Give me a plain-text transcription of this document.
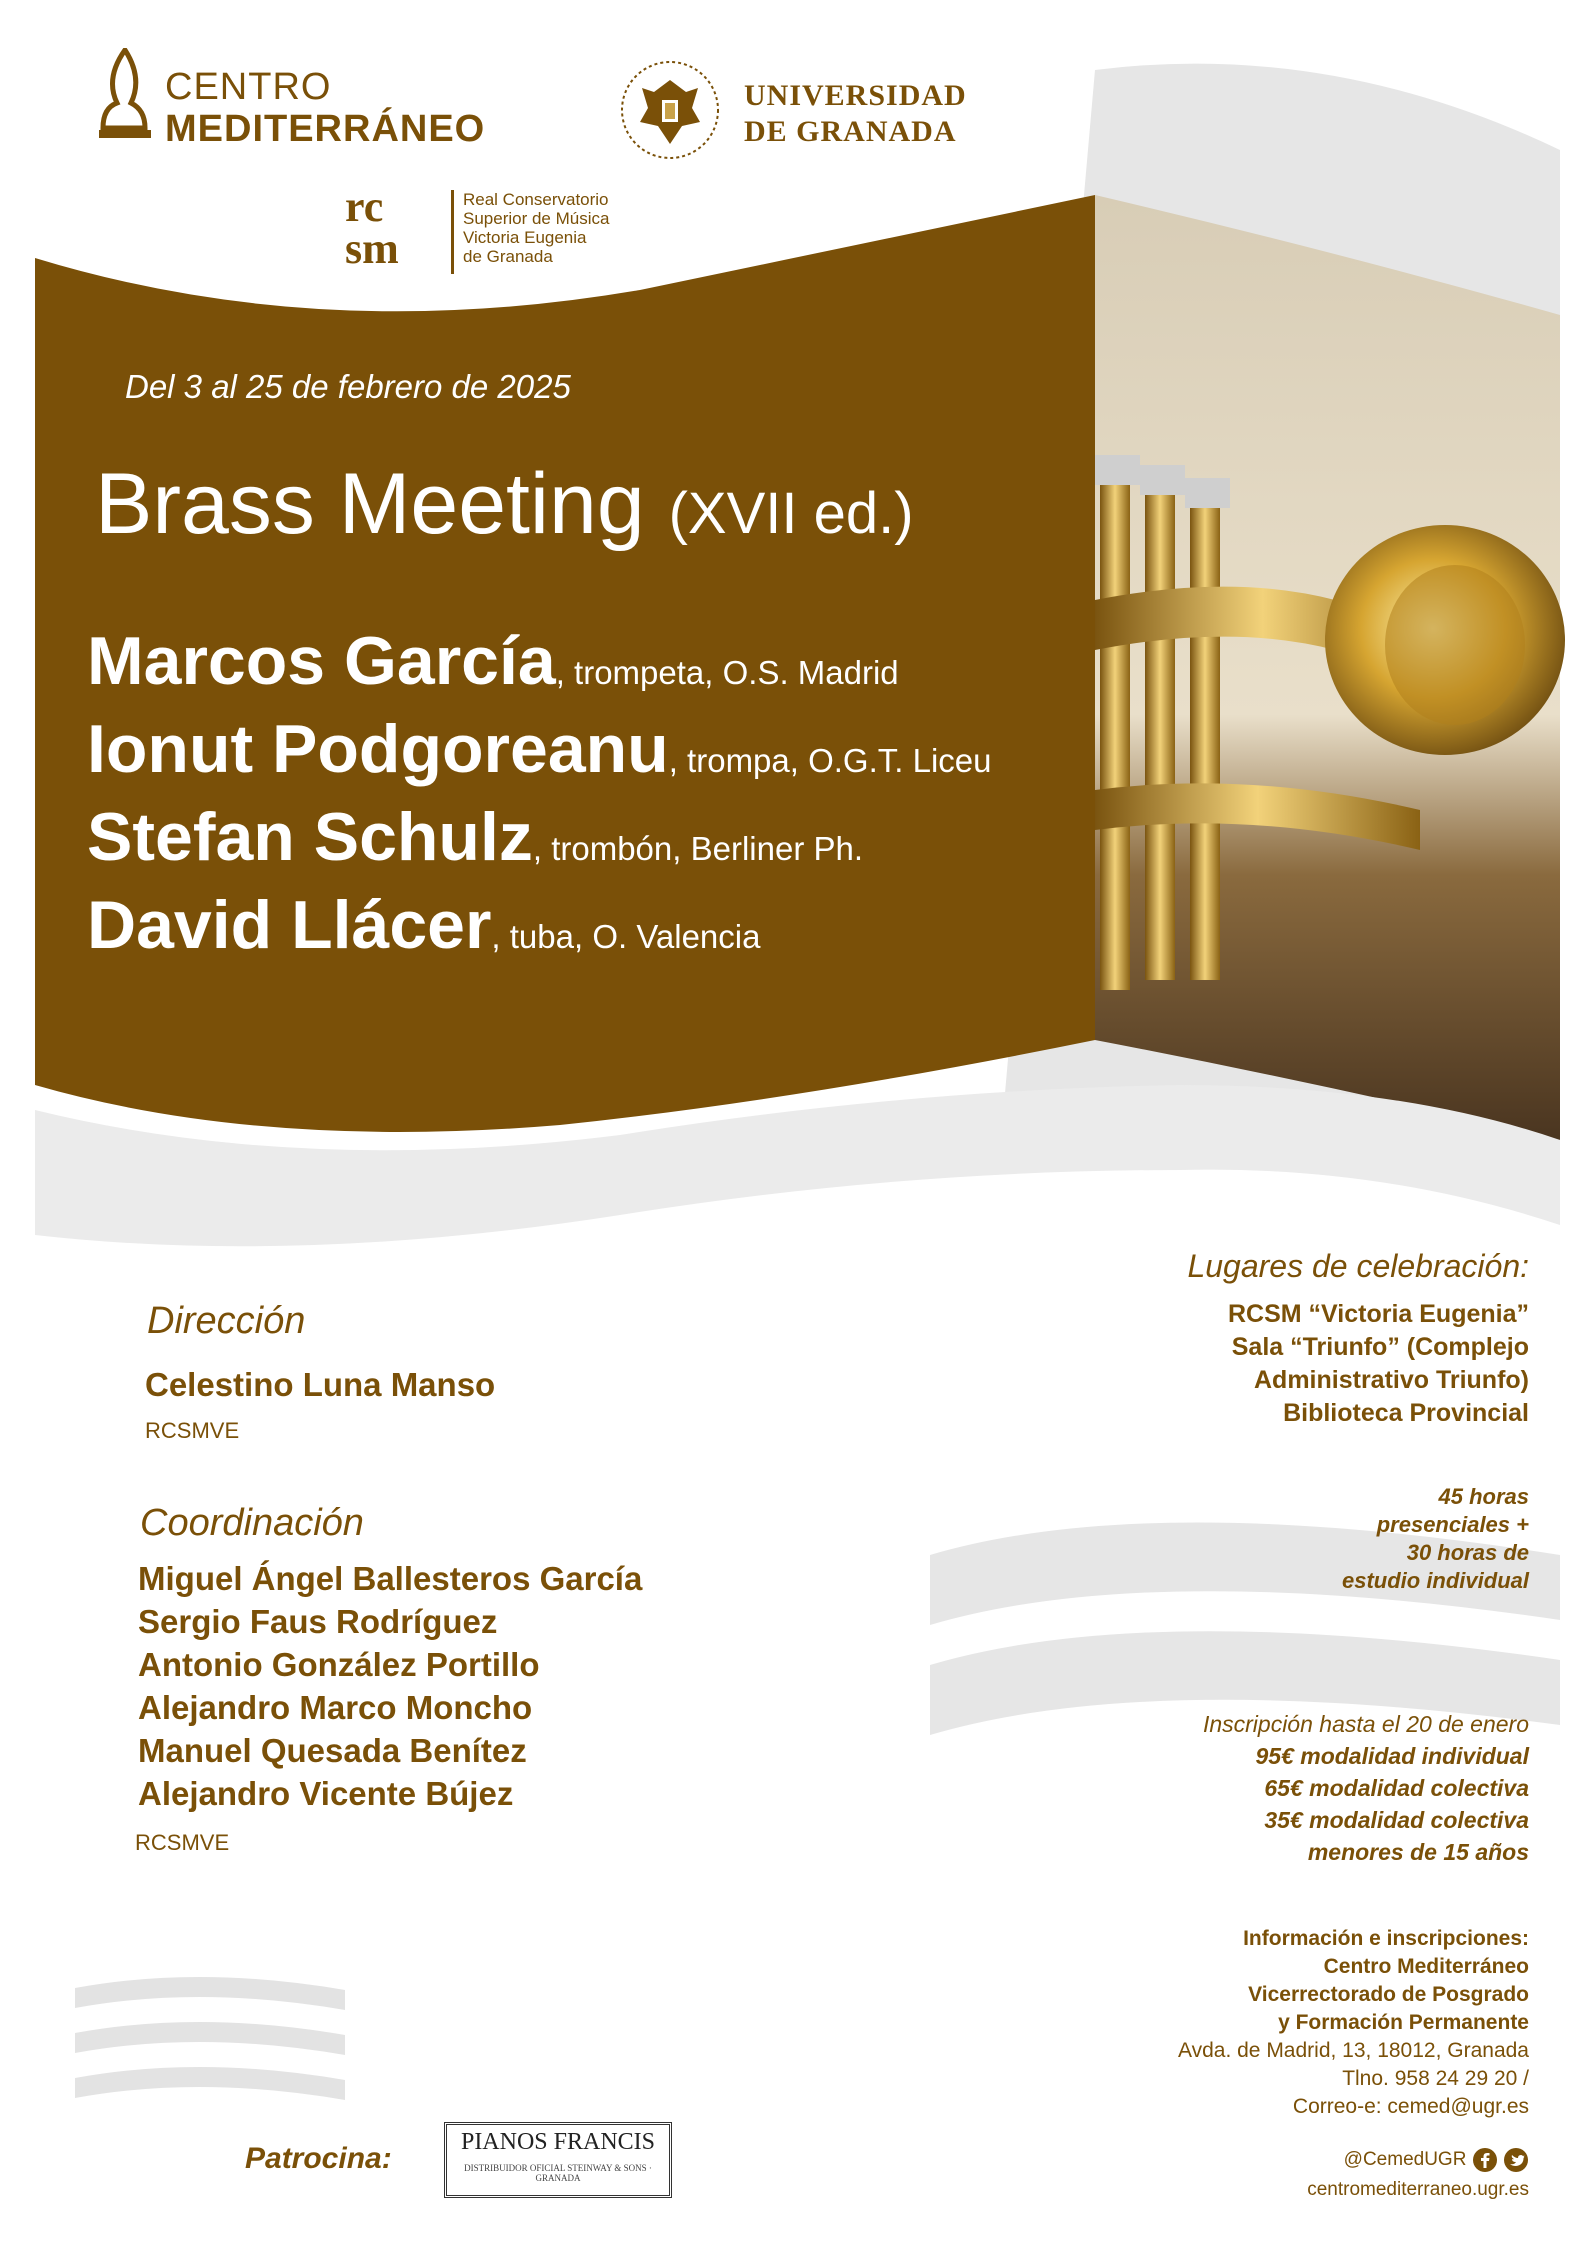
CENTRO
MEDITERRÁNEO
UNIVERSIDAD
DE GRANADA
rc
sm
Real Conservatorio
Superior de Música
Victoria Eugenia
de Granada
Del 3 al 25 de febrero de 2025
Brass Meeting (XVII ed.)
Marcos García, trompeta, O.S. Madrid
Ionut Podgoreanu, trompa, O.G.T. Liceu
Stefan Schulz, trombón, Berliner Ph.
David Llácer, tuba, O. Valencia
Dirección
Celestino Luna Manso
RCSMVE
Coordinación
Miguel Ángel Ballesteros García
Sergio Faus Rodríguez
Antonio González Portillo
Alejandro Marco Moncho
Manuel Quesada Benítez
Alejandro Vicente Bújez
RCSMVE
Lugares de celebración:
RCSM “Victoria Eugenia”
Sala “Triunfo” (Complejo
Administrativo Triunfo)
Biblioteca Provincial
45 horas
presenciales +
30 horas de
estudio individual
Inscripción hasta el 20 de enero
95€ modalidad individual
65€ modalidad colectiva
35€ modalidad colectiva
menores de 15 años
Información e inscripciones:
Centro Mediterráneo
Vicerrectorado de Posgrado
y Formación Permanente
Avda. de Madrid, 13, 18012, Granada
Tlno. 958 24 29 20 /
Correo-e: cemed@ugr.es
@CemedUGR
centromediterraneo.ugr.es
Patrocina:	PIANOS FRANCIS
DISTRIBUIDOR OFICIAL STEINWAY & SONS · GRANADA
